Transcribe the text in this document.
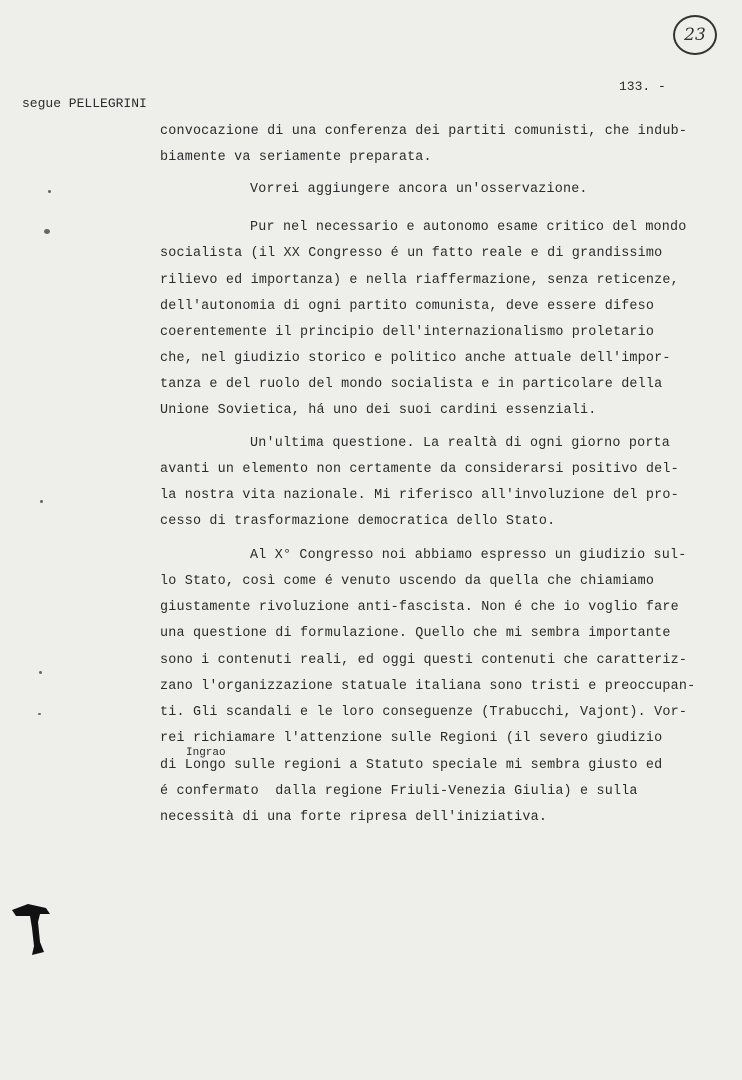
23
133. -
segue PELLEGRINI
convocazione di una conferenza dei partiti comunisti, che indub-
biamente va seriamente preparata.
Vorrei aggiungere ancora un'osservazione.
Pur nel necessario e autonomo esame critico del mondo
socialista (il XX Congresso é un fatto reale e di grandissimo
rilievo ed importanza) e nella riaffermazione, senza reticenze,
dell'autonomia di ogni partito comunista, deve essere difeso
coerentemente il principio dell'internazionalismo proletario
che, nel giudizio storico e politico anche attuale dell'impor-
tanza e del ruolo del mondo socialista e in particolare della
Unione Sovietica, há uno dei suoi cardini essenziali.
Un'ultima questione. La realtà di ogni giorno porta
avanti un elemento non certamente da considerarsi positivo del-
la nostra vita nazionale. Mi riferisco all'involuzione del pro-
cesso di trasformazione democratica dello Stato.
Al X° Congresso noi abbiamo espresso un giudizio sul-
lo Stato, così come é venuto uscendo da quella che chiamiamo
giustamente rivoluzione anti-fascista. Non é che io voglio fare
una questione di formulazione. Quello che mi sembra importante
sono i contenuti reali, ed oggi questi contenuti che caratteriz-
zano l'organizzazione statuale italiana sono tristi e preoccupan-
ti. Gli scandali e le loro conseguenze (Trabucchi, Vajont). Vor-
rei richiamare l'attenzione sulle Regioni (il severo giudizio
di Longo sulle regioni a Statuto speciale mi sembra giusto ed
é confermato  dalla regione Friuli-Venezia Giulia) e sulla
necessità di una forte ripresa dell'iniziativa.
Ingrao
